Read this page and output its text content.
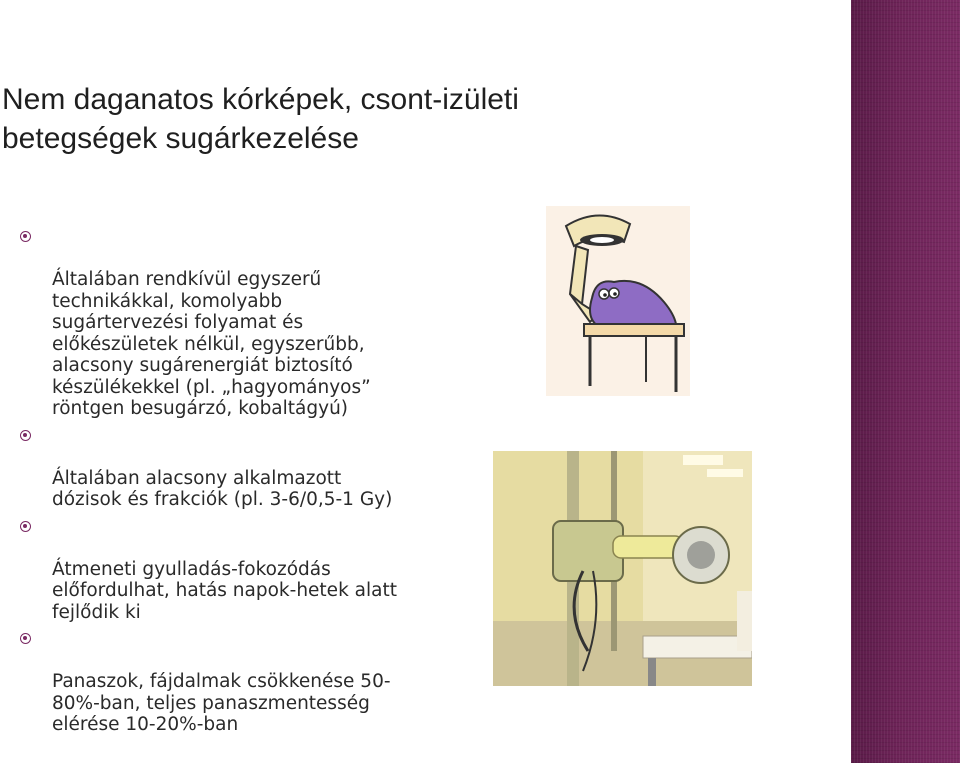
Nem daganatos kórképek, csont-izületi
betegségek sugárkezelése

Általában rendkívül egyszerű
technikákkal, komolyabb
sugártervezési folyamat és
előkészületek nélkül, egyszerűbb,
alacsony sugárenergiát biztosító
készülékekkel (pl. „hagyományos”
röntgen besugárzó, kobaltágyú)

Általában alacsony alkalmazott
dózisok és frakciók (pl. 3-6/0,5-1 Gy)

Átmeneti gyulladás-fokozódás
előfordulhat, hatás napok-hetek alatt
fejlődik ki

Panaszok, fájdalmak csökkenése 50-
80%-ban, teljes panaszmentesség
elérése 10-20%-ban
